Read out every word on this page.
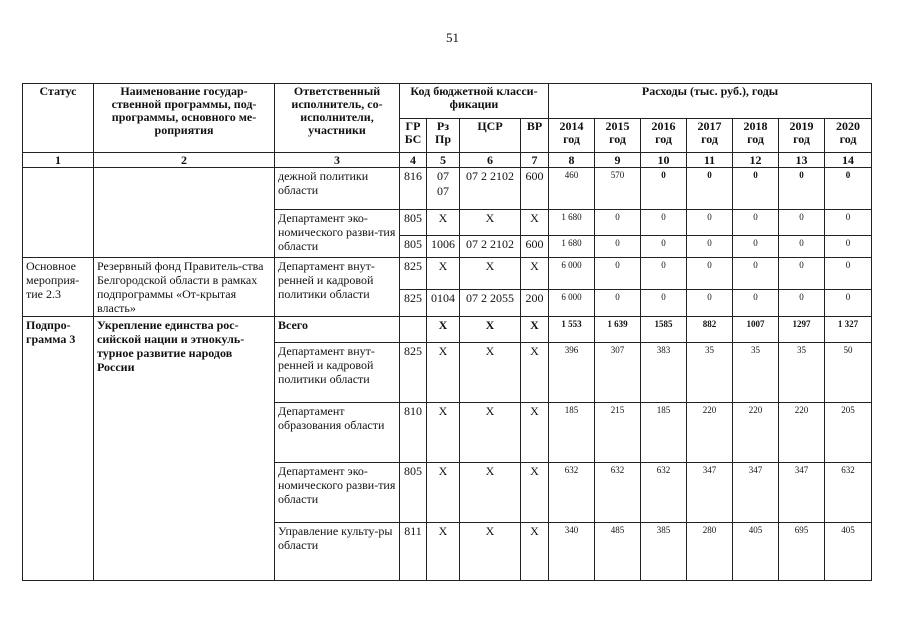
51
Статус	Наименование государ-ственной программы, под-программы, основного ме-роприятия	Ответственный исполнитель, со-исполнители, участники	Код бюджетной класси-фикации				Расходы (тыс. руб.), годы						
			ГР БС	Рз Пр	ЦСР	ВР	2014 год	2015 год	2016 год	2017 год	2018 год	2019 год	2020 год
1	2	3	4	5	6	7	8	9	10	11	12	13	14
		дежной политики области	816	07 07	07 2 2102	600	460	570	0	0	0	0	0
		Департамент эко-номического разви-тия области	805	Х	Х	Х	1 680	0	0	0	0	0	0
			805	1006	07 2 2102	600	1 680	0	0	0	0	0	0
Основное мероприя-тие 2.3	Резервный фонд Правитель-ства Белгородской области в рамках подпрограммы «От-крытая власть»	Департамент внут-ренней и кадровой политики области	825	Х	Х	Х	6 000	0	0	0	0	0	0
			825	0104	07 2 2055	200	6 000	0	0	0	0	0	0
Подпро-грамма 3	Укрепление единства рос-сийской нации и этнокуль-турное развитие народов России	Всего		Х	Х	Х	1 553	1 639	1585	882	1007	1297	1 327
		Департамент внут-ренней и кадровой политики области	825	Х	Х	Х	396	307	383	35	35	35	50
		Департамент образования области	810	Х	Х	Х	185	215	185	220	220	220	205
		Департамент эко-номического разви-тия области	805	Х	Х	Х	632	632	632	347	347	347	632
		Управление культу-ры области	811	Х	Х	Х	340	485	385	280	405	695	405
